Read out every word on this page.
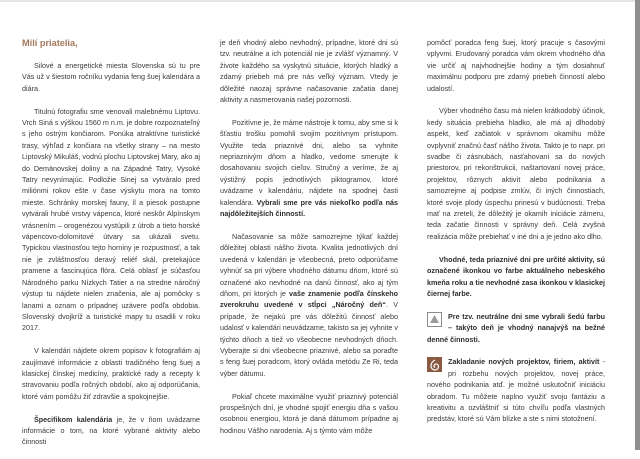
Milí priatelia,

Silové a energetické miesta Slovenska sú tu pre Vás už v šiestom ročníku vydania feng šuej kalendára a diára.

Titulnú fotografiu sme venovali malebnému Liptovu. Vrch Siná s výškou 1560 m n.m. je dobre rozpoznateľný s jeho ostrým končiarom. Ponúka atraktívne turistické trasy, výhľad z končiara na všetky strany – na mesto Liptovský Mikuláš, vodnú plochu Liptovskej Mary, ako aj do Demänovskej doliny a na Západné Tatry, Vysoké Tatry nevynímajúc. Podložie Sinej sa vytváralo pred miliónmi rokov ešte v čase výskytu mora na tomto mieste. Schránky morskej fauny, íl a piesok postupne vytvárali hrubé vrstvy vápenca, ktoré neskôr Alpínskym vrásnením – orogenézou vystúpili z útrob a tieto horské vápencovo-dolomitové útvary sa ukázali svetu. Typickou vlastnosťou tejto horniny je rozpustnosť, a tak nie je zvláštnosťou deravý reliéf skál, pretekajúce pramene a fascinujúca flóra. Celá oblasť je súčasťou Národného parku Nízkych Tatier a na stredne náročný výstup tu nájdete nielen značenia, ale aj pomôcky s lanami a oznam o prípadnej uzávere podľa obdobia. Slovenský dvojkríž a turistické mapy tu osadili v roku 2017.

V kalendári nájdete okrem popisov k fotografiám aj zaujímavé informácie z oblasti tradičného feng šuej a klasickej čínskej medicíny, praktické rady a recepty k stravovaniu podľa ročných období, ako aj odporúčania, ktoré vám pomôžu žiť zdravšie a spokojnejšie.

Špecifikom kalendária je, že v ňom uvádzame informácie o tom, na ktoré vybrané aktivity alebo činnosti

je deň vhodný alebo nevhodný, prípadne, ktoré dni sú tzv. neutrálne a ich potenciál nie je zvlášť významný. V živote každého sa vyskytnú situácie, ktorých hladký a zdarný priebeh má pre nás veľký význam. Vtedy je dôležité naozaj správne načasovanie začatia danej aktivity a nasmerovania našej pozornosti.

Pozitívne je, že máme nástroje k tomu, aby sme si k šťastiu trošku pomohli svojim pozitívnym prístupom. Využite teda priaznivé dni, alebo sa vyhnite nepriaznivým dňom a hladko, vedome smerujte k dosahovaniu svojich cieľov. Stručný a veríme, že aj výstižný popis jednotlivých piktogramov, ktoré uvádzame v kalendáriu, nájdete na spodnej časti kalendára. Vybrali sme pre vás niekoľko podľa nás najdôležitejších činností.

Načasovanie sa môže samozrejme týkať každej dôležitej oblasti nášho života. Kvalita jednotlivých dní uvedená v kalendári je všeobecná, preto odporúčame vyhnúť sa pri výbere vhodného dátumu dňom, ktoré sú označené ako nevhodné na danú činnosť, ako aj tým dňom, pri ktorých je vaše znamenie podľa čínskeho zverokruhu uvedené v stĺpci „Náročný deň“. V prípade, že nejakú pre vás dôležitú činnosť alebo udalosť v kalendári neuvádzame, takisto sa jej vyhnite v týchto dňoch a tiež vo všeobecne nevhodných dňoch. Vyberajte si dni všeobecne priaznivé, alebo sa poraďte s feng šuej poradcom, ktorý ovláda metódu Ze Ri, teda výber dátumu.

Pokiaľ chcete maximálne využiť priaznivý potenciál prospešných dní, je vhodné spojiť energiu dňa s vašou osobnou energiou, ktorá je daná dátumom prípadne aj hodinou Vášho narodenia. Aj s týmto vám môže

pomôcť poradca feng šuej, ktorý pracuje s časovými vplyvmi. Erudovaný poradca vám okrem vhodného dňa vie určiť aj najvhodnejšie hodiny a tým dosiahnuť maximálnu podporu pre zdarný priebeh činností alebo udalostí.

Výber vhodného času má nielen krátkodobý účinok, kedy situácia prebieha hladko, ale má aj dlhodobý aspekt, keď začiatok v správnom okamihu môže ovplyvniť značnú časť nášho života. Takto je to napr. pri svadbe či zásnubách, nasťahovaní sa do nových priestorov, pri rekonštrukcii, naštartovaní novej práce, projektov, rôznych aktivít alebo podnikania a samozrejme aj podpise zmlúv, či iných činnostiach, ktoré svoje plody úspechu prinesú v budúcnosti. Treba mať na zreteli, že dôležitý je okamih iniciácie zámeru, teda začatie činnosti v správny deň. Celá zvyšná realizácia môže prebiehať v iné dni a je jedno ako dlho.

Vhodné, teda priaznivé dni pre určité aktivity, sú označené ikonkou vo farbe aktuálneho nebeského kmeňa roku a tie nevhodné zasa ikonkou v klasickej čiernej farbe.

Pre tzv. neutrálne dni sme vybrali šedú farbu – takýto deň je vhodný nanajvýš na bežné denné činnosti.

Zakladanie nových projektov, firiem, aktivít - pri rozbehu nových projektov, novej práce, nového podnikania atď. je možné uskutočniť iniciáciu obradom. Tu môžete naplno využiť svoju fantáziu a kreativitu a ozvláštniť si túto chvíľu podľa vlastných predstáv, ktoré sú Vám blízke a ste s nimi stotožnení.
